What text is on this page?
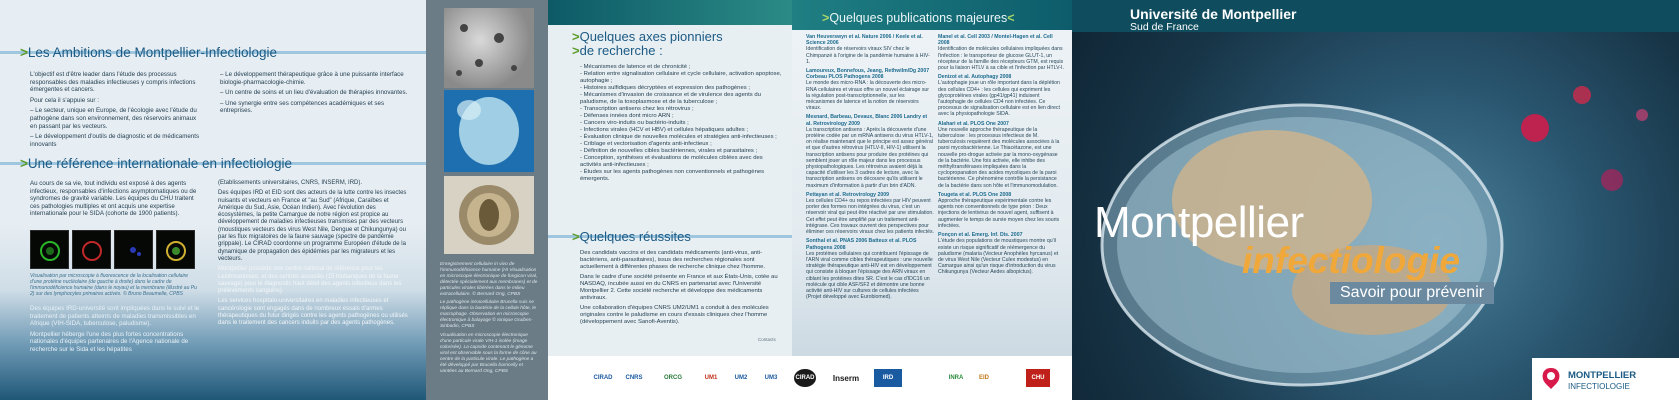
>Les Ambitions de Montpellier-Infectiologie

L'objectif est d'être leader dans l'étude des processus responsables des maladies infectieuses y compris infections émergentes et cancers.

Pour cela il s'appuie sur :

– Le secteur, unique en Europe, de l'écologie avec l'étude du pathogène dans son environnement, des réservoirs animaux en passant par les vecteurs.

– Le développement d'outils de diagnostic et de médicaments innovants

– Le développement thérapeutique grâce à une puissante interface biologie-pharmacologie-chimie.

– Un centre de soins et un lieu d'évaluation de thérapies innovantes.

– Une synergie entre ses compétences académiques et ses entreprises.

>Une référence internationale en infectiologie

Au cours de sa vie, tout individu est exposé à des agents infectieux, responsables d'infections asymptomatiques ou de syndromes de gravité variable. Les équipes du CHU traitent ces pathologies multiples et ont acquis une expertise internationale pour le SIDA (cohorte de 1900 patients).

Visualisation par microscopie à fluorescence de la localisation cellulaire d'une protéine nucléolaire (de gauche à droite) dans le cadre de l'immunodéficience humaine (dans le noyau) et la membrane (illustré au Pu 2) sur des lymphocytes primaires activés. © Bruno Beaumelle, CPBS

Des équipes IRD-université sont impliquées dans le suivi et le traitement de patients atteints de maladies transmissibles en Afrique (VIH-SIDA, tuberculose, paludisme).

Montpellier héberge l'une des plus fortes concentrations nationales d'équipes partenaires de l'Agence nationale de recherche sur le Sida et les hépatites

(Etablissements universitaires, CNRS, INSERM, IRD).

Des équipes IRD et EID sont des acteurs de la lutte contre les insectes nuisants et vecteurs en France et "au Sud" (Afrique, Caraïbes et Amérique du Sud, Asie, Océan Indien). Avec l'évolution des écosystèmes, la petite Camargue de notre région est propice au développement de maladies infectieuses transmises par des vecteurs (moustiques vecteurs des virus West Nile, Dengue et Chikungunya) ou par les flux migratoires de la faune sauvage (spectre de pandémie grippale). Le CIRAD coordonne un programme Européen d'étude de la dynamique de propagation des épidémies par les migrateurs et les vecteurs.

Montpellier possède une centre national de référence pour les Leishmanioses, et des centres associés (15 biobanques de la faune sauvage) pour le diagnostic haut débit des agents infectieux dans les prélèvements sanguins).

Les services hospitalo-universitaires en maladies infectieuses et cancérologie sont engagés dans de nombreux essais d'armes thérapeutiques du futur dirigés contre les agents pathogènes ou utilisés dans le traitement des cancers induits par des agents pathogènes.

Enregistrement cellulaire in vivo de l'immunodéficience humaine (HI Visualisation en microscopie électronique de fongicon viral, détectée spécialement aux membranes) et de particules virales libérées dans le milieu extracellulaire. © Bernard Ong, CPBS
Le pathogène intracellulaire Brucella suis se réplique dans la bactérie de la cellule hôte, le macrophage. Observation en microscopie électronique à balayage © Ionique Gruibes-Sinbadin, CPBS
Visualisation en microscopie électronique d'une particule virale VIH-1 isolée (image colorisée). La capside contenant le génome viral est observable sous la forme de cône au centre de la particule virale. Le pathogène a été développé par Brucella barricelly et vantées au Bernard Ong, CPBS
>Quelques axes pionniers
>de recherche :
- Mécanismes de latence et de chronicité ;
- Relation entre signalisation cellulaire et cycle cellulaire, activation apoptose, autophagie ;
- Histoires sulfidiques décryptées et expression des pathogènes ;
- Mécanismes d'invasion de croissance et de virulence des agents du paludisme, de la toxoplasmose et de la tuberculose ;
- Transcription antisens chez les rétrovirus ;
- Défenses innées dont micro ARN ;
- Cancers viro-induits ou bactério-induits ;
- Infections virales (HCV et HBV) et cellules hépatiques adultes ;
- Évaluation clinique de nouvelles molécules et stratégies anti-infectieuses ;
- Criblage et vectorisation d'agents anti-infectieux ;
- Définition de nouvelles cibles bactériennes, virales et parasitaires ;
- Conception, synthèses et évaluations de molécules ciblées avec des activités anti-infectieuses ;
- Études sur les agents pathogènes non conventionnels et pathogènes émergents.
>Quelques réussites

Des candidats vaccins et des candidats médicaments (anti-virus, anti-bactériens, anti-parasitaires), issus des recherches régionales sont actuellement à différentes phases de recherche clinique chez l'homme.

Dans le cadre d'une société présente en France et aux États-Unis, cotée au NASDAQ, incubée aussi en du CNRS en partenariat avec l'Université Montpellier 2. Cette société recherche et développe des médicaments antiviraux.

Une collaboration d'équipes CNRS UM2/UM1 a conduit à des molécules originales contre le paludisme en cours d'essais cliniques chez l'homme (développement avec Sanofi-Aventis).

Contacts
>Quelques publications majeures<
Van Heuverswyn et al. Nature 2006 / Keele et al. Science 2006
Identification de réservoirs viraux SIV chez le Chimpanzé à l'origine de la pandémie humaine à HIV-1.
Lamoureux, Bonnefous, Jeang, Rethwilm/Dg 2007 Corbeau PLOS Pathogens 2008
Le monde des micro-RNA : la découverte des micro-RNA cellulaires et viraux offre un nouvel éclairage sur la régulation post-transcriptionnelle, sur les mécanismes de latence et la notion de réservoirs viraux.
Mesnard, Barbeau, Devaux, Blanc 2006 Landry et al. Retrovirology 2009
La transcription antisens : Après la découverte d'une protéine codée par un mRNA antisens du virus HTLV-1, on réalise maintenant que le principe est assez général et que d'autres rétrovirus (HTLV-II, HIV-1) utilisent la transcription antisens pour produire des protéines qui semblent jouer un rôle majeur dans les processus physiopathologiques. Les rétrovirus avaient déjà la capacité d'utiliser les 3 cadres de lecture, avec la transcription antisens on découvre qu'ils utilisent le maximum d'information à partir d'un brin d'ADN.
Pettayan et al. Retrovirology 2009
Les cellules CD4+ ou repos infectées par HIV peuvent porter des formes non intégrées du virus, c'est un réservoir viral qui peut être réactivé par une stimulation. Cet effet peut être amplifié par un traitement anti-intégrase. Ces travaux ouvrent des perspectives pour éliminer ces réservoirs viraux chez les patients infectés.
Sonthal et al. PNAS 2006 Batteux et al. PLOS Pathogens 2008
Les protéines cellulaires qui contribuent l'épissage de l'ARN viral comme cibles thérapeutiques : une nouvelle stratégie thérapeutique anti-HIV est en développement qui consiste à bloquer l'épissage des ARN viraux en ciblant les protéines dites SR. C'est le cas d'IDC16 un molécule qui cible ASF/SF2 et démontre une bonne activité anti-HIV sur cultures de cellules infectées (Projet développé avec Eurobiomed).
Manel et al. Cell 2003 / Montel-Hagen et al. Cell 2008
Identification de molécules cellulaires impliquées dans l'infection : le transporteur de glucose GLUT-1, un récepteur de la famille des récepteurs GTM, est requis pour la liaison HTLV à sa cible et l'infection par HTLV-I.
Denizot et al. Autophagy 2008
L'autophagie joue un rôle important dans la déplétion des cellules CD4+ : les cellules qui expriment les glycoprotéines virales (gp41/gp41) induisent l'autophagie de cellules CD4 non infectées. Ce processus de signalisation cellulaire est en lien direct avec la physiopathologie SIDA.
Alahari et al. PLOS One 2007
Une nouvelle approche thérapeutique de la tuberculose : les processus infectieux de M. tuberculosis requièrent des molécules associées à la paroi mycobactérienne. Le Thiacétazone, est une nouvelle pro-drogue activée par la mono-oxygénase de la bactérie. Une fois activée, elle inhibe des méthyltransférases impliquées dans la cyclopropanation des acides mycoliques de la paroi bactérienne. Ce phénomène contrôle la persistance de la bactérie dans son hôte et l'immunomodulation.
Tougeta et al. PLOS One 2008
Approche thérapeutique expérimentale contre les agents non conventionnels de type prion : Deux injections de lentivirus de nouvel agent, suffisent à augmenter le temps de survie moyen chez les souris infectées.
Ponçon et al. Emerg. Inf. Dis. 2007
L'étude des populations de moustiques montre qu'il existe un risque significatif de réémergence du paludisme (malaria (Vecteur Anophèles hyrcanus) et de virus West Nile (Vecteur Culex modestus) en Camargue ainsi qu'un risque d'introduction du virus Chikungunya (Vecteur Aedes albopictus).
CIRAD	CNRS	ORCG	UM1	UM2	UM3	CIRAD	Inserm	IRD	INRA	EID	CHU
Université de Montpellier
Sud de France
Montpellier
infectiologie
Savoir pour prévenir
MONTPELLIER
INFECTIOLOGIE
